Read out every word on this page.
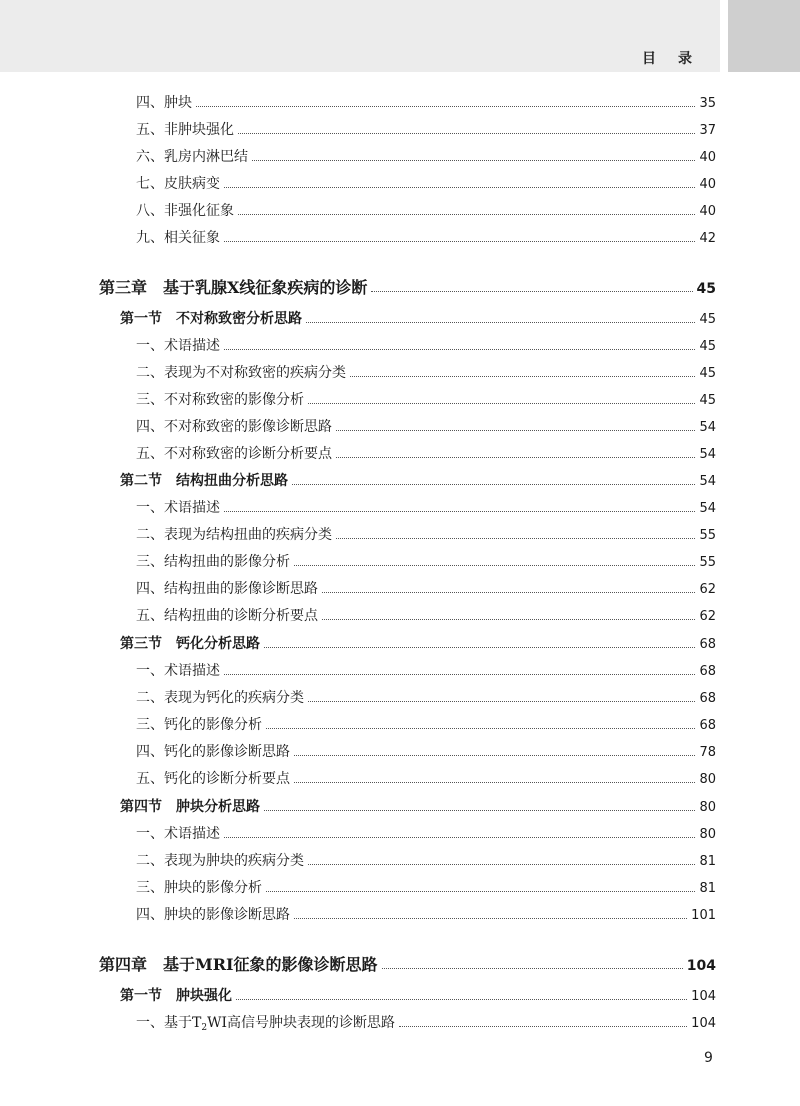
目录
四、肿块	35
五、非肿块强化	37
六、乳房内淋巴结	40
七、皮肤病变	40
八、非强化征象	40
九、相关征象	42
第三章　基于乳腺X线征象疾病的诊断	45
第一节　不对称致密分析思路	45
一、术语描述	45
二、表现为不对称致密的疾病分类	45
三、不对称致密的影像分析	45
四、不对称致密的影像诊断思路	54
五、不对称致密的诊断分析要点	54
第二节　结构扭曲分析思路	54
一、术语描述	54
二、表现为结构扭曲的疾病分类	55
三、结构扭曲的影像分析	55
四、结构扭曲的影像诊断思路	62
五、结构扭曲的诊断分析要点	62
第三节　钙化分析思路	68
一、术语描述	68
二、表现为钙化的疾病分类	68
三、钙化的影像分析	68
四、钙化的影像诊断思路	78
五、钙化的诊断分析要点	80
第四节　肿块分析思路	80
一、术语描述	80
二、表现为肿块的疾病分类	81
三、肿块的影像分析	81
四、肿块的影像诊断思路	101
第四章　基于MRI征象的影像诊断思路	104
第一节　肿块强化	104
一、基于$T_2WI$高信号肿块表现的诊断思路	104
9
